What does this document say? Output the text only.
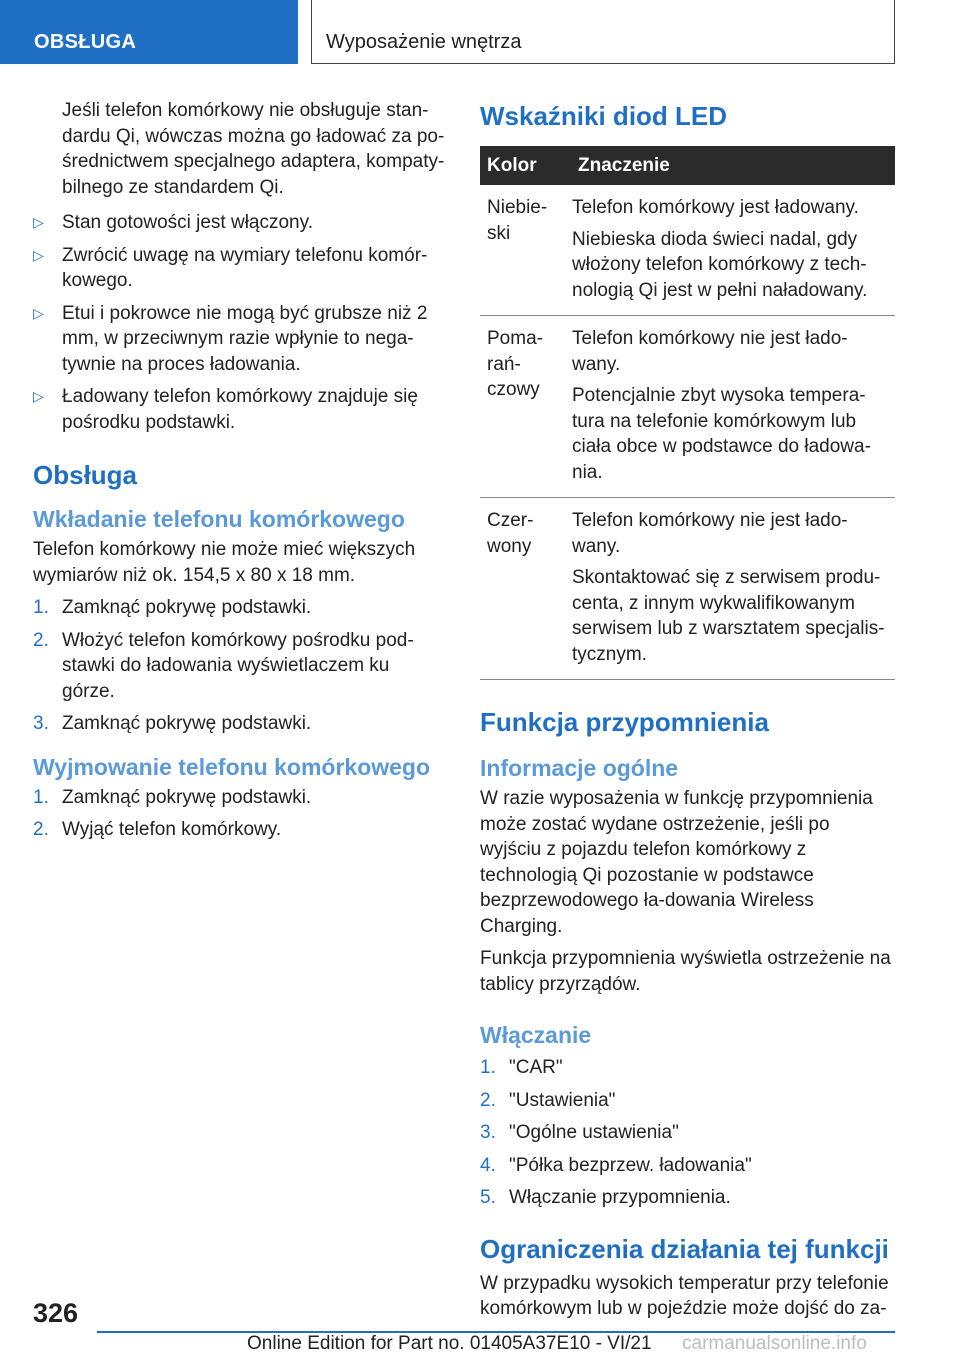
OBSŁUGA	Wyposażenie wnętrza

Jeśli telefon komórkowy nie obsługuje stan-dardu Qi, wówczas można go ładować za po-średnictwem specjalnego adaptera, kompaty-bilnego ze standardem Qi.

▷ Stan gotowości jest włączony.
▷ Zwrócić uwagę na wymiary telefonu komór-kowego.
▷ Etui i pokrowce nie mogą być grubsze niż 2 mm, w przeciwnym razie wpłynie to nega-tywnie na proces ładowania.
▷ Ładowany telefon komórkowy znajduje się pośrodku podstawki.
Obsługa
Wkładanie telefonu komórkowego

Telefon komórkowy nie może mieć większych wymiarów niż ok. 154,5 x 80 x 18 mm.

1. Zamknąć pokrywę podstawki.
2. Włożyć telefon komórkowy pośrodku pod-stawki do ładowania wyświetlaczem ku górze.
3. Zamknąć pokrywę podstawki.
Wyjmowanie telefonu komórkowego
1. Zamknąć pokrywę podstawki.
2. Wyjąć telefon komórkowy.
Wskaźniki diod LED
Kolor	Znaczenie
Niebie-ski	Telefon komórkowy jest ładowany.
Niebieska dioda świeci nadal, gdy włożony telefon komórkowy z tech-nologią Qi jest w pełni naładowany.

Poma-rań-czowy	Telefon komórkowy nie jest łado-wany.
Potencjalnie zbyt wysoka tempera-tura na telefonie komórkowym lub ciała obce w podstawce do ładowa-nia.

Czer-wony	Telefon komórkowy nie jest łado-wany.
Skontaktować się z serwisem produ-centa, z innym wykwalifikowanym serwisem lub z warsztatem specjalis-tycznym.
Funkcja przypomnienia
Informacje ogólne

W razie wyposażenia w funkcję przypomnienia może zostać wydane ostrzeżenie, jeśli po wyjściu z pojazdu telefon komórkowy z technologią Qi pozostanie w podstawce bezprzewodowego ła-dowania Wireless Charging.

Funkcja przypomnienia wyświetla ostrzeżenie na tablicy przyrządów.

Włączanie
1. "CAR"
2. "Ustawienia"
3. "Ogólne ustawienia"
4. "Półka bezprzew. ładowania"
5. Włączanie przypomnienia.
Ograniczenia działania tej funkcji

W przypadku wysokich temperatur przy telefonie komórkowym lub w pojeździe może dojść do za-

326
Online Edition for Part no. 01405A37E10 - VI/21 carmanualsonline.info
